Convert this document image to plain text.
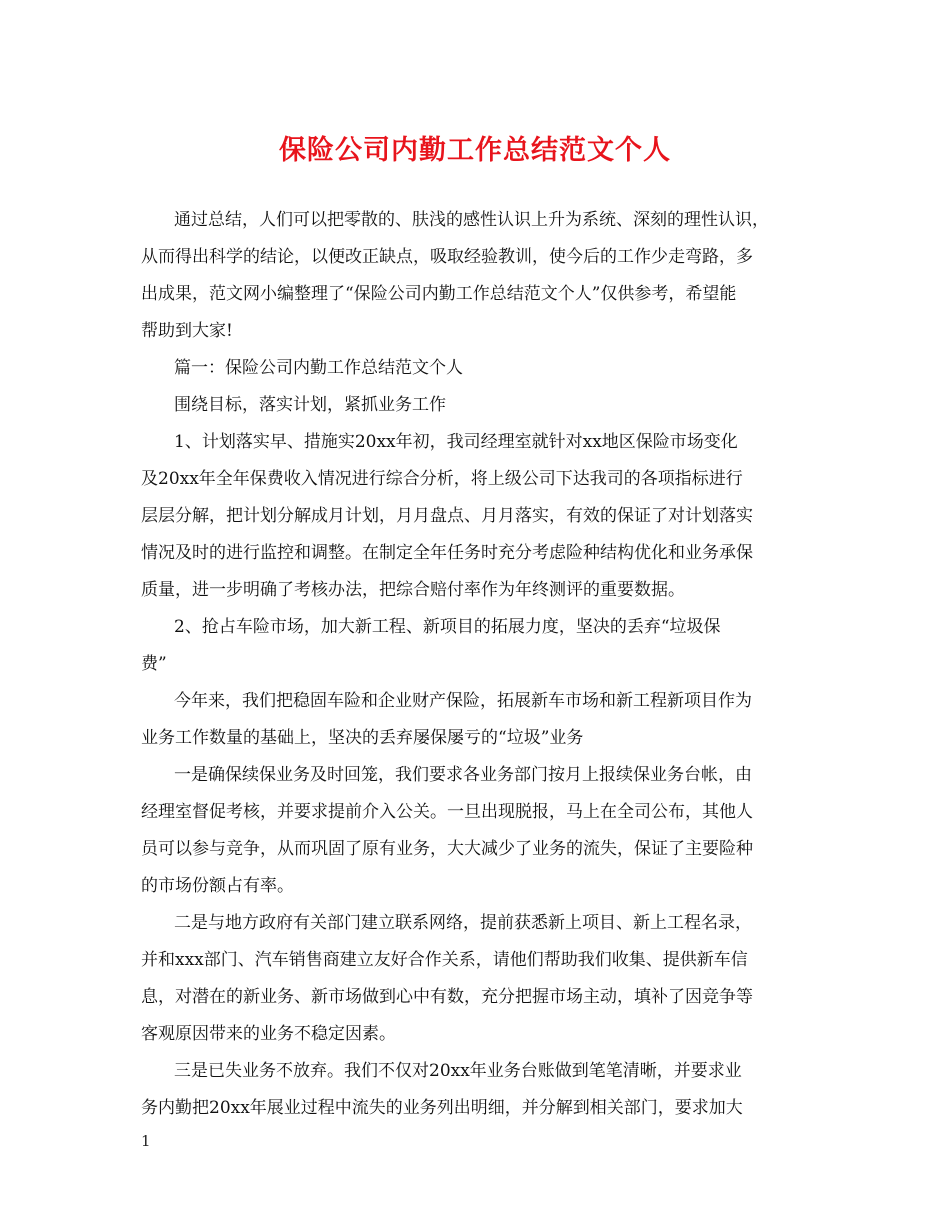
保险公司内勤工作总结范文个人
通过总结，人们可以把零散的、肤浅的感性认识上升为系统、深刻的理性认识，
从而得出科学的结论，以便改正缺点，吸取经验教训，使今后的工作少走弯路，多
出成果，范文网小编整理了“保险公司内勤工作总结范文个人”仅供参考，希望能
帮助到大家!
篇一：保险公司内勤工作总结范文个人
围绕目标，落实计划，紧抓业务工作
1、计划落实早、措施实20xx年初，我司经理室就针对xx地区保险市场变化
及20xx年全年保费收入情况进行综合分析，将上级公司下达我司的各项指标进行
层层分解，把计划分解成月计划，月月盘点、月月落实，有效的保证了对计划落实
情况及时的进行监控和调整。在制定全年任务时充分考虑险种结构优化和业务承保
质量，进一步明确了考核办法，把综合赔付率作为年终测评的重要数据。
2、抢占车险市场，加大新工程、新项目的拓展力度，坚决的丢弃“垃圾保
费”
今年来，我们把稳固车险和企业财产保险，拓展新车市场和新工程新项目作为
业务工作数量的基础上，坚决的丢弃屡保屡亏的“垃圾”业务
一是确保续保业务及时回笼，我们要求各业务部门按月上报续保业务台帐，由
经理室督促考核，并要求提前介入公关。一旦出现脱报，马上在全司公布，其他人
员可以参与竞争，从而巩固了原有业务，大大减少了业务的流失，保证了主要险种
的市场份额占有率。
二是与地方政府有关部门建立联系网络，提前获悉新上项目、新上工程名录，
并和xxx部门、汽车销售商建立友好合作关系，请他们帮助我们收集、提供新车信
息，对潜在的新业务、新市场做到心中有数，充分把握市场主动，填补了因竞争等
客观原因带来的业务不稳定因素。
三是已失业务不放弃。我们不仅对20xx年业务台账做到笔笔清晰，并要求业
务内勤把20xx年展业过程中流失的业务列出明细，并分解到相关部门，要求加大
1
